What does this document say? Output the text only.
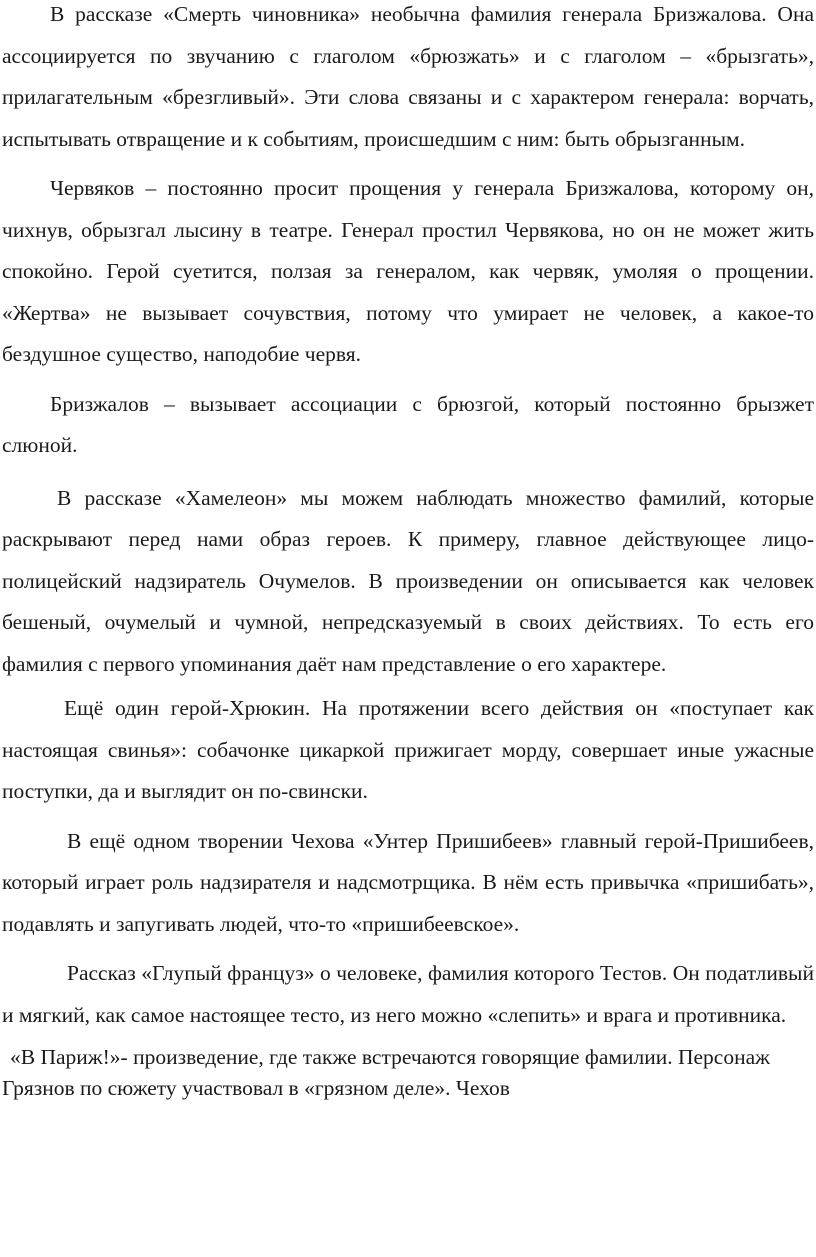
В рассказе «Смерть чиновника» необычна фамилия генерала Бризжалова. Она ассоциируется по звучанию с глаголом «брюзжать» и с глаголом – «брызгать», прилагательным «брезгливый». Эти слова связаны и с характером генерала: ворчать, испытывать отвращение и к событиям, происшедшим с ним: быть обрызганным.

Червяков – постоянно просит прощения у генерала Бризжалова, которому он, чихнув, обрызгал лысину в театре. Генерал простил Червякова, но он не может жить спокойно. Герой суетится, ползая за генералом, как червяк, умоляя о прощении. «Жертва» не вызывает сочувствия, потому что умирает не человек, а какое-то бездушное существо, наподобие червя.

Бризжалов – вызывает ассоциации с брюзгой, который постоянно брызжет слюной.

В рассказе «Хамелеон» мы можем наблюдать множество фамилий, которые раскрывают перед нами образ героев. К примеру, главное действующее лицо-полицейский надзиратель Очумелов. В произведении он описывается как человек бешеный, очумелый и чумной, непредсказуемый в своих действиях. То есть его фамилия с первого упоминания даёт нам представление о его характере.

Ещё один герой-Хрюкин. На протяжении всего действия он «поступает как настоящая свинья»: собачонке цикаркой прижигает морду, совершает иные ужасные поступки, да и выглядит он по-свински.

В ещё одном творении Чехова «Унтер Пришибеев» главный герой-Пришибеев, который играет роль надзирателя и надсмотрщика. В нём есть привычка «пришибать», подавлять и запугивать людей, что-то «пришибеевское».

Рассказ «Глупый француз» о человеке, фамилия которого Тестов. Он податливый и мягкий, как самое настоящее тесто, из него можно «слепить» и врага и противника.

«В Париж!»- произведение, где также встречаются говорящие фамилии. Персонаж Грязнов по сюжету участвовал в «грязном деле». Чехов
